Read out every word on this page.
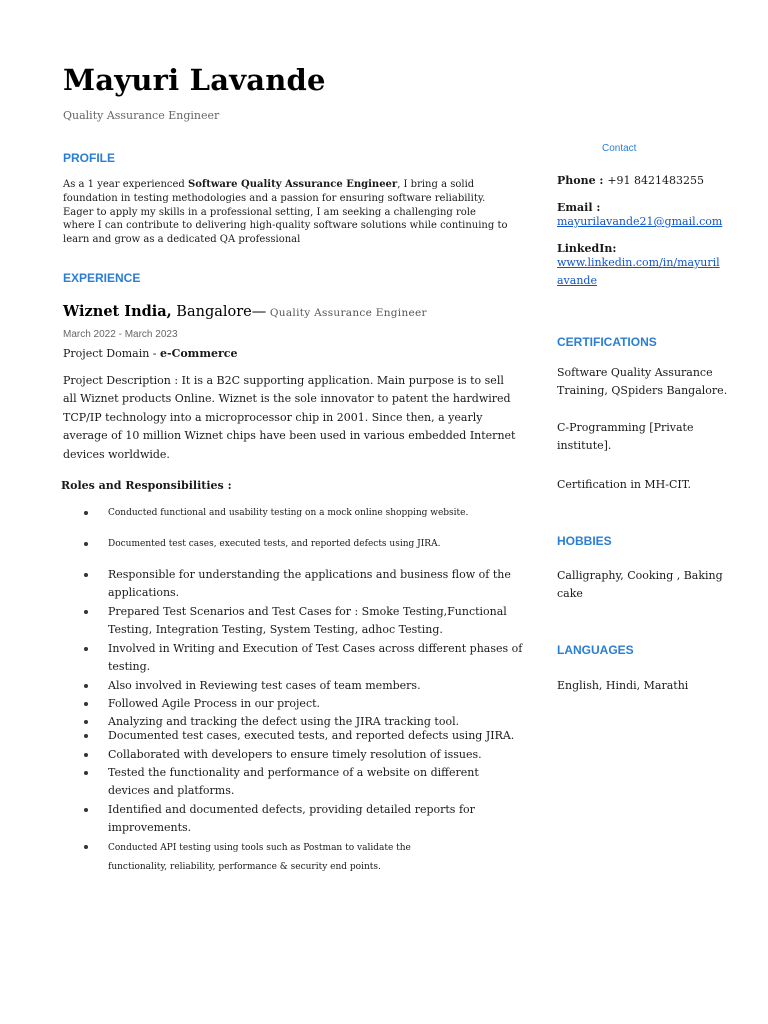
Mayuri Lavande
Quality Assurance Engineer
PROFILE
As a 1 year experienced Software Quality Assurance Engineer, I bring a solid foundation in testing methodologies and a passion for ensuring software reliability. Eager to apply my skills in a professional setting, I am seeking a challenging role where I can contribute to delivering high-quality software solutions while continuing to learn and grow as a dedicated QA professional
EXPERIENCE
Wiznet India, Bangalore— Quality Assurance Engineer
March 2022 - March 2023
Project Domain - e-Commerce
Project Description : It is a B2C supporting application. Main purpose is to sell all Wiznet products Online. Wiznet is the sole innovator to patent the hardwired TCP/IP technology into a microprocessor chip in 2001. Since then, a yearly average of 10 million Wiznet chips have been used in various embedded Internet devices worldwide.
Roles and Responsibilities :
Conducted functional and usability testing on a mock online shopping website.
Documented test cases, executed tests, and reported defects using JIRA.
Responsible for understanding the applications and business flow of the applications.
Prepared Test Scenarios and Test Cases for : Smoke Testing,Functional Testing, Integration Testing, System Testing, adhoc Testing.
Involved in Writing and Execution of Test Cases across different phases of testing.
Also involved in Reviewing test cases of team members.
Followed Agile Process in our project.
Analyzing and tracking the defect using the JIRA tracking tool.
Documented test cases, executed tests, and reported defects using JIRA.
Collaborated with developers to ensure timely resolution of issues.
Tested the functionality and performance of a website on different devices and platforms.
Identified and documented defects, providing detailed reports for improvements.
Conducted API testing using tools such as Postman to validate the functionality, reliability, performance & security end points.
Contact
Phone : +91 8421483255
Email :
mayurilavande21@gmail.com
LinkedIn:
www.linkedin.com/in/mayurilavande
CERTIFICATIONS
Software Quality Assurance Training, QSpiders Bangalore.
C-Programming [Private institute].
Certification in MH-CIT.
HOBBIES
Calligraphy, Cooking , Baking cake
LANGUAGES
English, Hindi, Marathi
